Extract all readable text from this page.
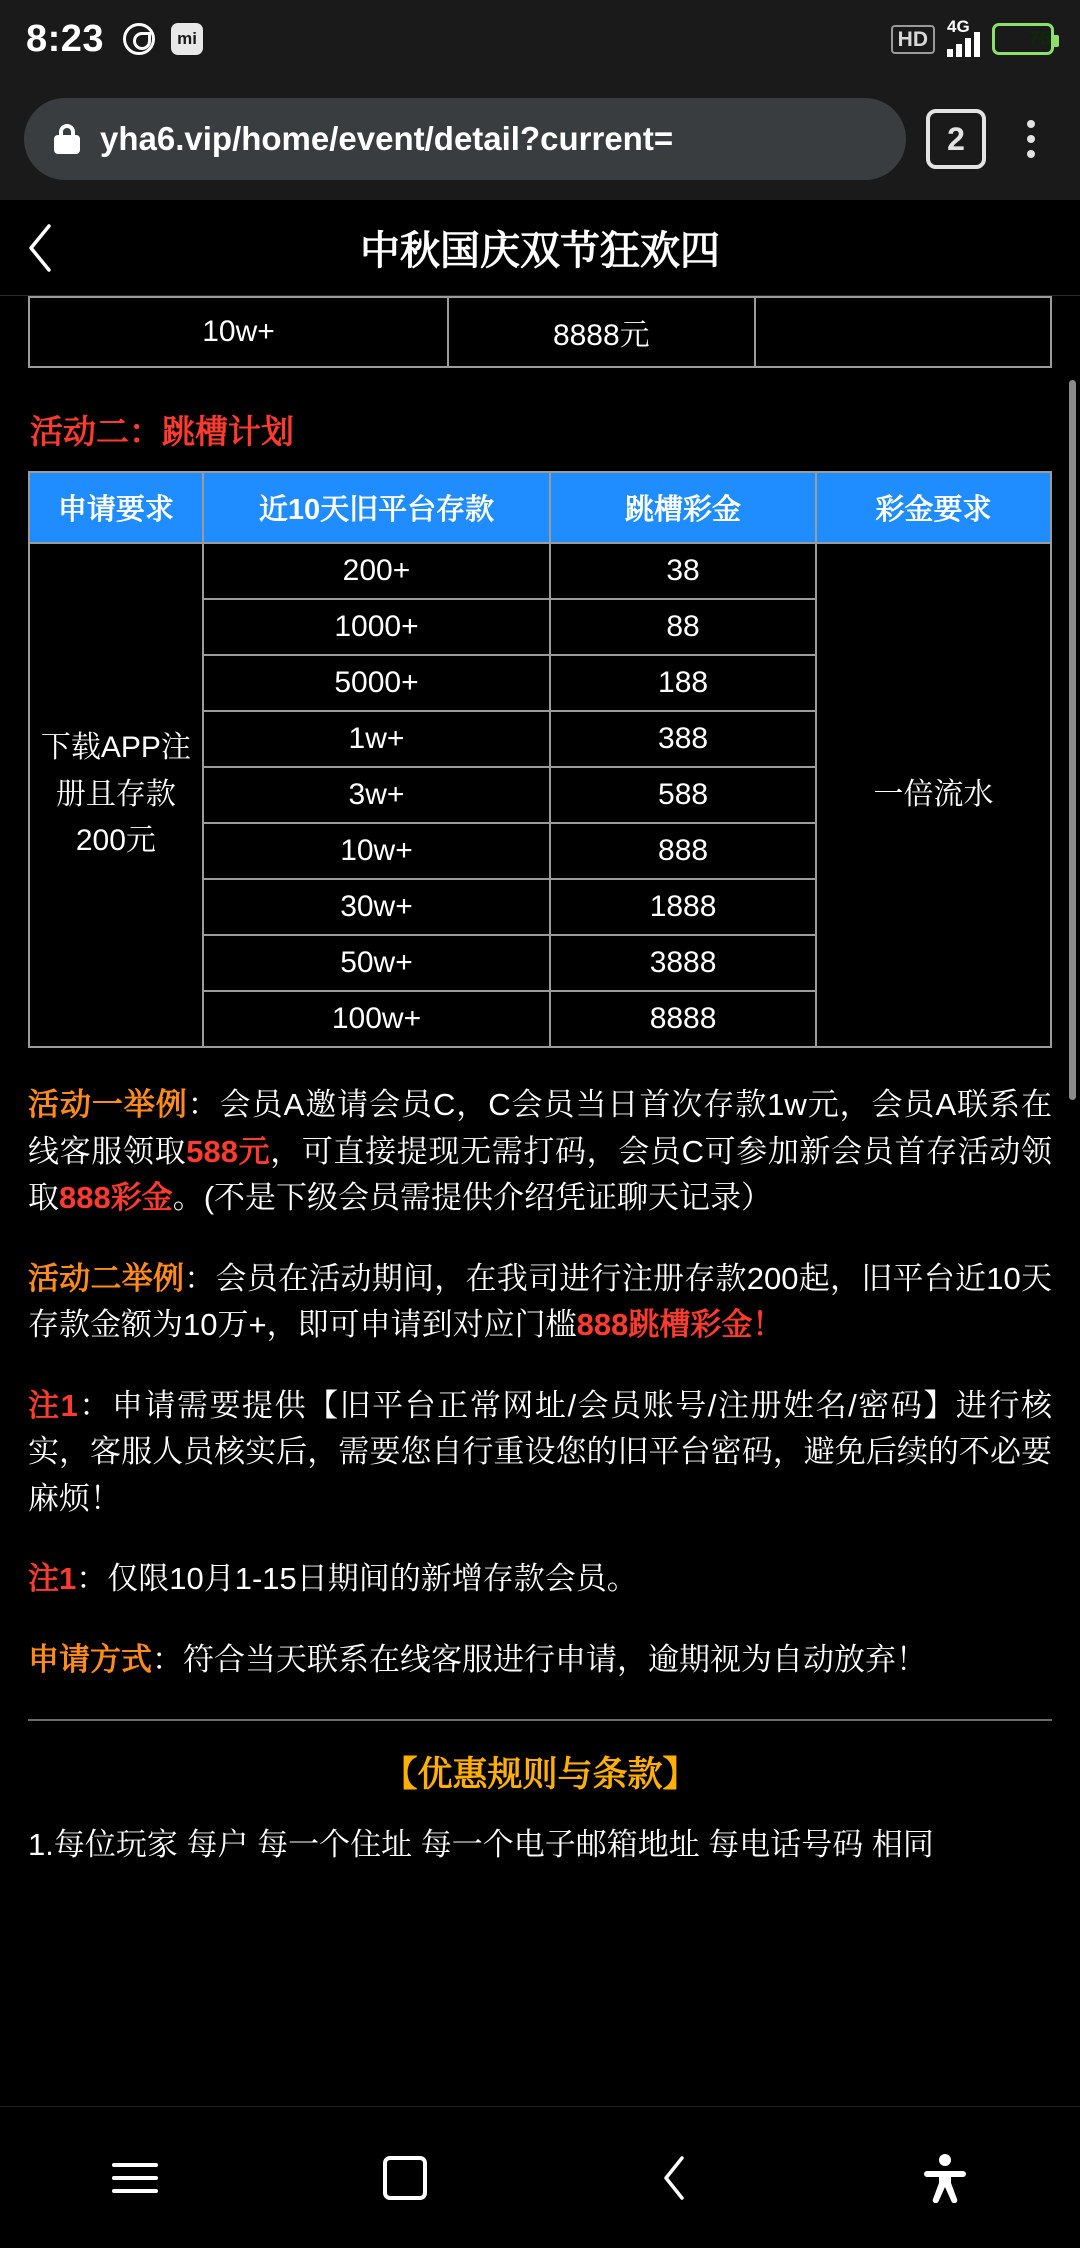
8:23	mi	HD
4G
76
yha6.vip/home/event/detail?current=	2
中秋国庆双节狂欢四
10w+	8888元	
活动二：跳槽计划
申请要求	近10天旧平台存款	跳槽彩金	彩金要求
下载APP注册且存款200元	200+	38	一倍流水
	1000+	88	
	5000+	188	
	1w+	388	
	3w+	588	
	10w+	888	
	30w+	1888	
	50w+	3888	
	100w+	8888	

活动一举例：会员A邀请会员C，C会员当日首次存款1w元，会员A联系在线客服领取588元，可直接提现无需打码，会员C可参加新会员首存活动领取888彩金。(不是下级会员需提供介绍凭证聊天记录）

活动二举例：会员在活动期间，在我司进行注册存款200起，旧平台近10天存款金额为10万+，即可申请到对应门槛888跳槽彩金！

注1：申请需要提供【旧平台正常网址/会员账号/注册姓名/密码】进行核实，客服人员核实后，需要您自行重设您的旧平台密码，避免后续的不必要麻烦！

注1：仅限10月1-15日期间的新增存款会员。

申请方式：符合当天联系在线客服进行申请，逾期视为自动放弃！

【优惠规则与条款】
1.每位玩家 每户 每一个住址 每一个电子邮箱地址 每电话号码 相同
